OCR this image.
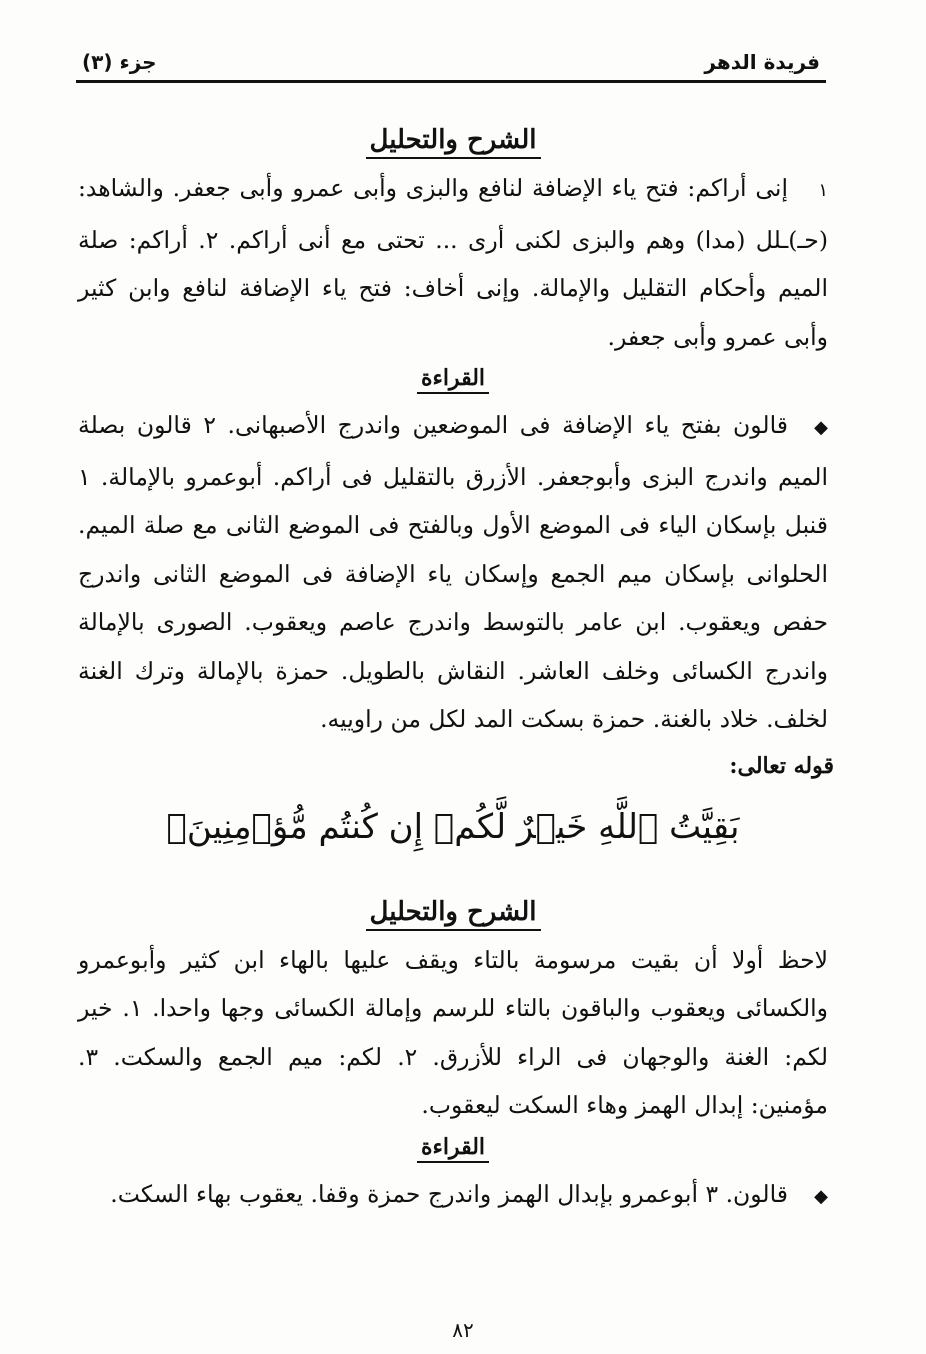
فريدة الدهر
جزء (٣)
الشرح والتحليل

١إنى أراكم: فتح ياء الإضافة لنافع والبزى وأبى عمرو وأبى جعفر. والشاهد: (حـ)ـلل (مدا) وهم والبزى لكنى أرى ... تحتى مع أنى أراكم. ٢. أراكم: صلة الميم وأحكام التقليل والإمالة. وإنى أخاف: فتح ياء الإضافة لنافع وابن كثير وأبى عمرو وأبى جعفر.

القراءة

◆قالون بفتح ياء الإضافة فى الموضعين واندرج الأصبهانى. ٢ قالون بصلة الميم واندرج البزى وأبوجعفر. الأزرق بالتقليل فى أراكم. أبوعمرو بالإمالة. ١ قنبل بإسكان الياء فى الموضع الأول وبالفتح فى الموضع الثانى مع صلة الميم. الحلوانى بإسكان ميم الجمع وإسكان ياء الإضافة فى الموضع الثانى واندرج حفص ويعقوب. ابن عامر بالتوسط واندرج عاصم ويعقوب. الصورى بالإمالة واندرج الكسائى وخلف العاشر. النقاش بالطويل. حمزة بالإمالة وترك الغنة لخلف. خلاد بالغنة. حمزة بسكت المد لكل من راوييه.

قوله تعالى:
بَقِيَّتُ ٱللَّهِ خَيۡرٌ لَّكُمۡ إِن كُنتُم مُّؤۡمِنِينَۚ
الشرح والتحليل

لاحظ أولا أن بقيت مرسومة بالتاء ويقف عليها بالهاء ابن كثير وأبوعمرو والكسائى ويعقوب والباقون بالتاء للرسم وإمالة الكسائى وجها واحدا. ١. خير لكم: الغنة والوجهان فى الراء للأزرق. ٢. لكم: ميم الجمع والسكت. ٣. مؤمنين: إبدال الهمز وهاء السكت ليعقوب.

القراءة

◆قالون. ٣ أبوعمرو بإبدال الهمز واندرج حمزة وقفا. يعقوب بهاء السكت.

٨٢
